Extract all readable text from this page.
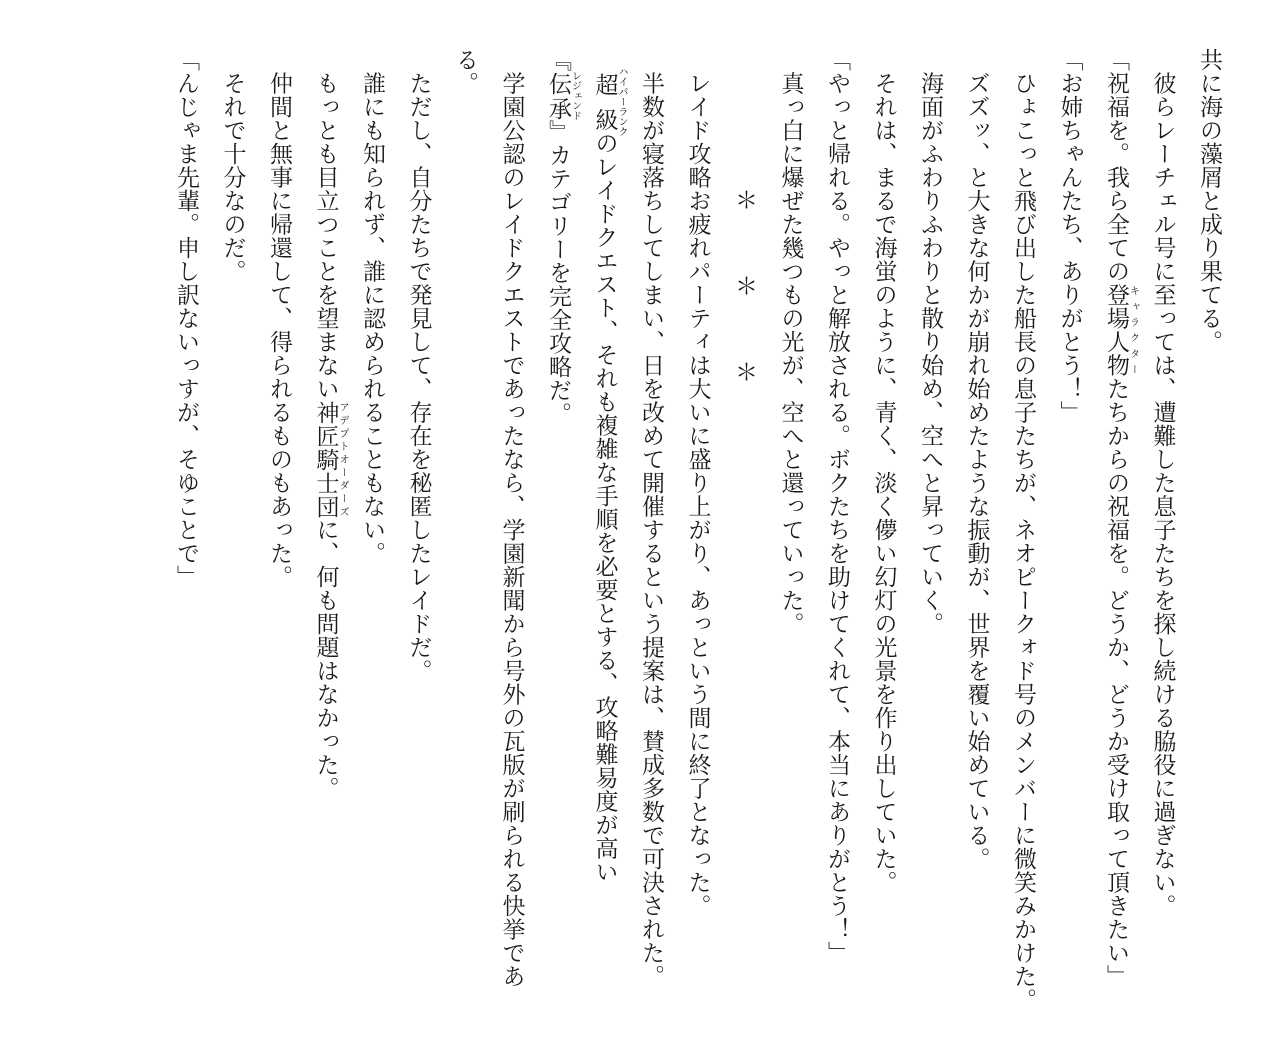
共に海の藻屑と成り果てる。
　彼らレーチェル号に至っては、遭難した息子たちを探し続ける脇役に過ぎない。
「祝福を。我ら全ての登場人物キャラクターたちからの祝福を。どうか、どうか受け取って頂きたい」
「お姉ちゃんたち、ありがとう！」
　ひょこっと飛び出した船長の息子たちが、ネオピークォド号のメンバーに微笑みかけた。
　ズズッ、と大きな何かが崩れ始めたような振動が、世界を覆い始めている。
　海面がふわりふわりと散り始め、空へと昇っていく。
　それは、まるで海蛍のように、青く、淡く儚い幻灯の光景を作り出していた。
「やっと帰れる。やっと解放される。ボクたちを助けてくれて、本当にありがとう！」
　真っ白に爆ぜた幾つもの光が、空へと還っていった。
＊　＊　＊
　レイド攻略お疲れパーティは大いに盛り上がり、あっという間に終了となった。
　半数が寝落ちしてしまい、日を改めて開催するという提案は、賛成多数で可決された。
　超級ハイパーランクのレイドクエスト、それも複雑な手順を必要とする、攻略難易度が高い
『伝承レジェンド』カテゴリーを完全攻略だ。
　学園公認のレイドクエストであったなら、学園新聞から号外の瓦版が刷られる快挙であ
る。
　ただし、自分たちで発見して、存在を秘匿したレイドだ。
　誰にも知られず、誰に認められることもない。
　もっとも目立つことを望まない神匠騎士団アデプトオーダーズに、何も問題はなかった。
　仲間と無事に帰還して、得られるものもあった。
　それで十分なのだ。
「んじゃま先輩。申し訳ないっすが、そゆことで」
